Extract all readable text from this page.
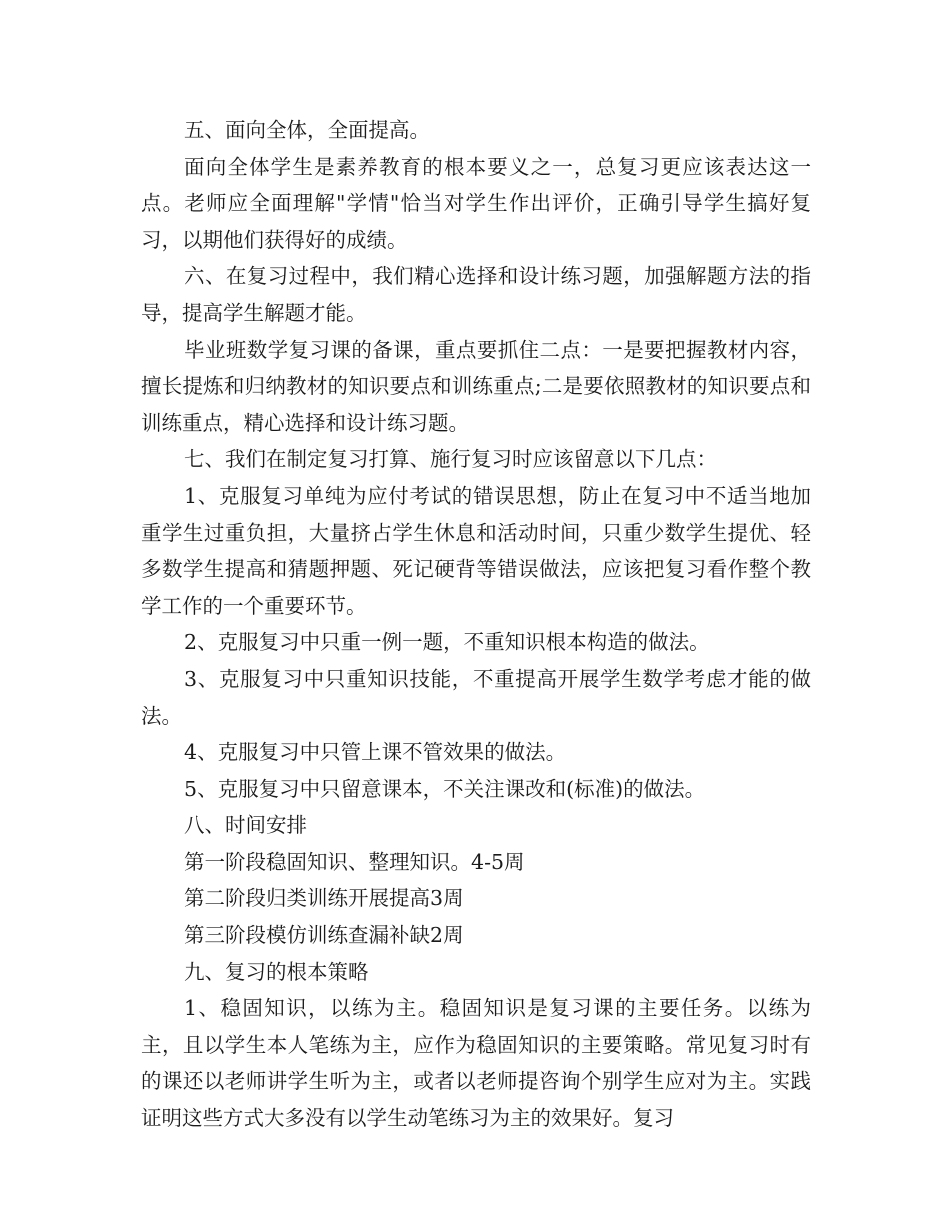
五、面向全体，全面提高。

面向全体学生是素养教育的根本要义之一，总复习更应该表达这一点。老师应全面理解"学情"恰当对学生作出评价，正确引导学生搞好复习，以期他们获得好的成绩。

六、在复习过程中，我们精心选择和设计练习题，加强解题方法的指导，提高学生解题才能。

毕业班数学复习课的备课，重点要抓住二点：一是要把握教材内容，擅长提炼和归纳教材的知识要点和训练重点;二是要依照教材的知识要点和训练重点，精心选择和设计练习题。

七、我们在制定复习打算、施行复习时应该留意以下几点：

1、克服复习单纯为应付考试的错误思想，防止在复习中不适当地加重学生过重负担，大量挤占学生休息和活动时间，只重少数学生提优、轻多数学生提高和猜题押题、死记硬背等错误做法，应该把复习看作整个教学工作的一个重要环节。

2、克服复习中只重一例一题，不重知识根本构造的做法。

3、克服复习中只重知识技能，不重提高开展学生数学考虑才能的做法。

4、克服复习中只管上课不管效果的做法。

5、克服复习中只留意课本，不关注课改和(标准)的做法。

八、时间安排

第一阶段稳固知识、整理知识。4-5周

第二阶段归类训练开展提高3周

第三阶段模仿训练查漏补缺2周

九、复习的根本策略

1、稳固知识，以练为主。稳固知识是复习课的主要任务。以练为主，且以学生本人笔练为主，应作为稳固知识的主要策略。常见复习时有的课还以老师讲学生听为主，或者以老师提咨询个别学生应对为主。实践证明这些方式大多没有以学生动笔练习为主的效果好。复习
